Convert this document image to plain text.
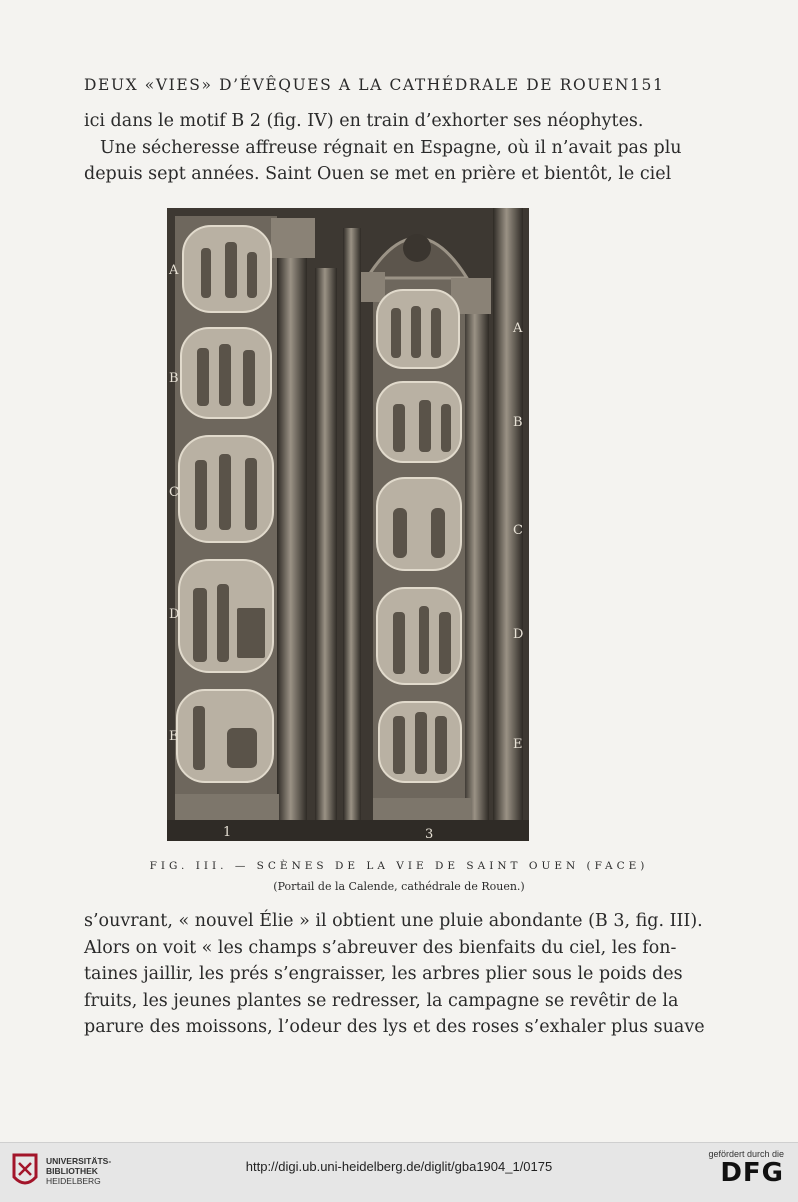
DEUX «VIES» D’ÉVÊQUES A LA CATHÉDRALE DE ROUEN 151
ici dans le motif B 2 (fig. IV) en train d’exhorter ses néophytes.
Une sécheresse affreuse régnait en Espagne, où il n’avait pas plu
depuis sept années. Saint Ouen se met en prière et bientôt, le ciel
A
B
C
D
E
A
B
C
D
E
1	3
FIG. III. — SCÈNES DE LA VIE DE SAINT OUEN (FACE)
(Portail de la Calende, cathédrale de Rouen.)
s’ouvrant, « nouvel Élie » il obtient une pluie abondante (B 3, fig. III).
Alors on voit « les champs s’abreuver des bienfaits du ciel, les fon-
taines jaillir, les prés s’engraisser, les arbres plier sous le poids des
fruits, les jeunes plantes se redresser, la campagne se revêtir de la
parure des moissons, l’odeur des lys et des roses s’exhaler plus suave
UNIVERSITÄTS-
BIBLIOTHEK
HEIDELBERG
http://digi.ub.uni-heidelberg.de/diglit/gba1904_1/0175
gefördert durch die
DFG
